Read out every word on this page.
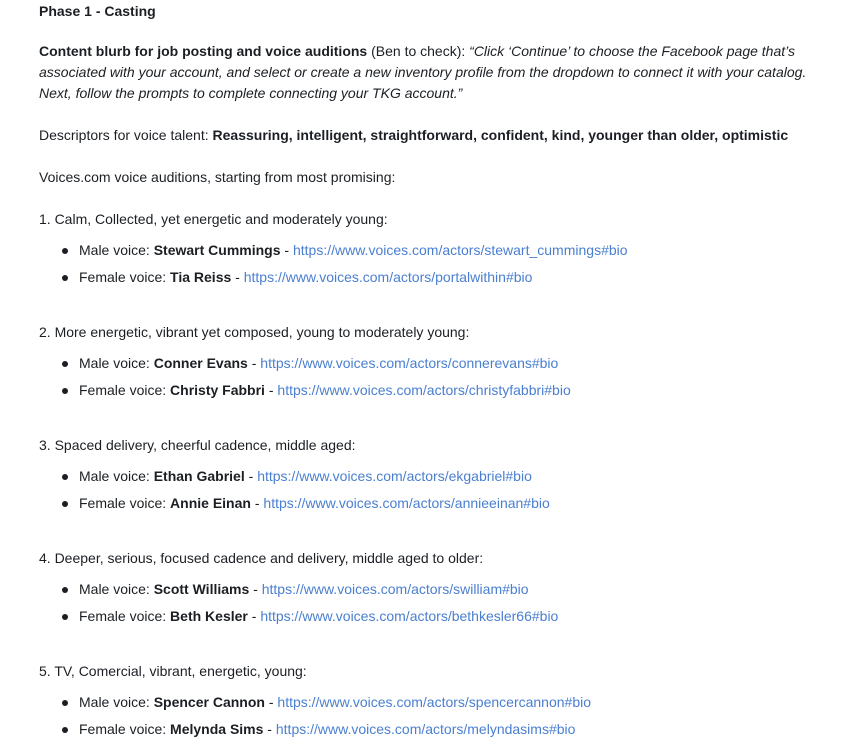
Phase 1 - Casting
Content blurb for job posting and voice auditions (Ben to check): “Click ‘Continue’ to choose the Facebook page that’s associated with your account, and select or create a new inventory profile from the dropdown to connect it with your catalog. Next, follow the prompts to complete connecting your TKG account.”
Descriptors for voice talent: Reassuring, intelligent, straightforward, confident, kind, younger than older, optimistic
Voices.com voice auditions, starting from most promising:
1. Calm, Collected, yet energetic and moderately young:
Male voice: Stewart Cummings - https://www.voices.com/actors/stewart_cummings#bio
Female voice: Tia Reiss - https://www.voices.com/actors/portalwithin#bio
2. More energetic, vibrant yet composed, young to moderately young:
Male voice: Conner Evans - https://www.voices.com/actors/connerevans#bio
Female voice: Christy Fabbri - https://www.voices.com/actors/christyfabbri#bio
3. Spaced delivery, cheerful cadence, middle aged:
Male voice: Ethan Gabriel - https://www.voices.com/actors/ekgabriel#bio
Female voice: Annie Einan - https://www.voices.com/actors/annieeinan#bio
4. Deeper, serious, focused cadence and delivery, middle aged to older:
Male voice: Scott Williams - https://www.voices.com/actors/swilliam#bio
Female voice: Beth Kesler - https://www.voices.com/actors/bethkesler66#bio
5. TV, Comercial, vibrant, energetic, young:
Male voice: Spencer Cannon - https://www.voices.com/actors/spencercannon#bio
Female voice: Melynda Sims - https://www.voices.com/actors/melyndasims#bio
